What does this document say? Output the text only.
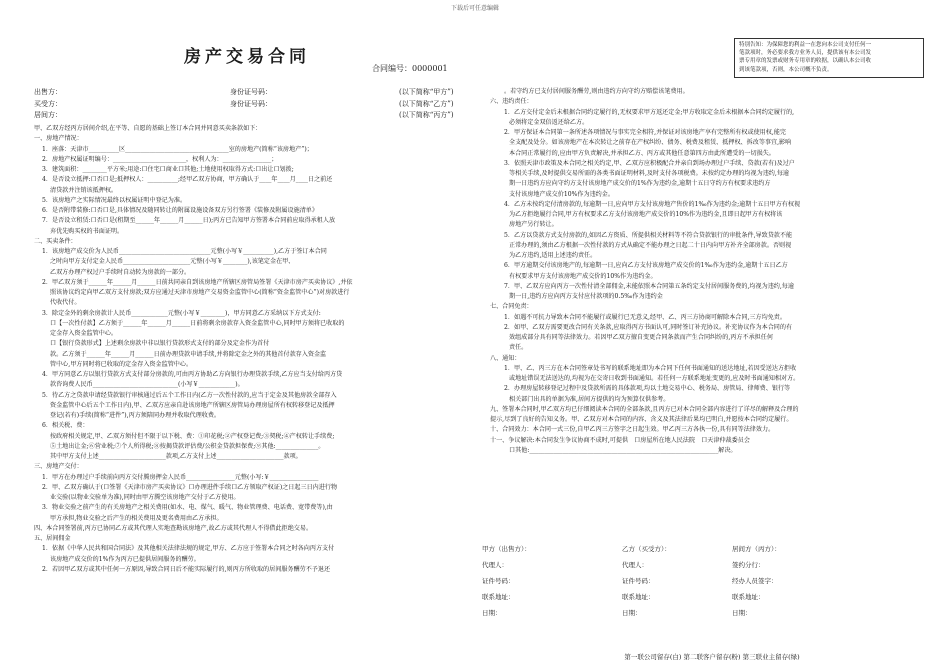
下载后可任意编辑
特别告知：为保障您的利益一在您向本公司支付任何一
笔款项时，务必要求我方业务人员，提供该有本公司发
票专用章的发票或财务专用章的收据，以确认本公司收
到该笔款项，否则，本公司概不负责。
房产交易合同
合同编号：0000001
出售方：	身份证号码：	(以下简称“甲方”)
买受方：	身份证号码：	(以下简称“乙方”)
居间方：	(以下简称“丙方”)
甲、乙双方经丙方居间介绍,在平等、自愿的基础上签订本合同并同意买卖条款如下：
一、房地产情况：
1．座落：天津市__________区__________________________________室的房地产(简称“该房地产”)；
2．房地产权属证明编号：________________________，权利人为：________________；
3．建筑面积：________平方米;用途:口住宅口商业口其他;土地使用权取得方式:口出让口划拨;
4．是否设立抵押:口否口是;抵押权人：__________;经甲乙双方协商，甲方确认于____年____月____日之前还
清贷款并注销该抵押权。
5．该房地产之实际情况最终以权属证明中登记为准。
6．是否附带装修:口否口是,具体情况及随同转让的附属设施设备双方另行签署《装修及附属设施清单》
7．是否设立租赁:口否口是(租期至______年______月______日);丙方已告知甲方签署本合同前应取得承租人放
弃优先购买权的书面证明。
二、买卖条件：
1．该房地产成交价为人民币______________________________元整(小写￥__________),乙方于签订本合同
之时向甲方支付定金人民币______________________元整(小写￥________),该笔定金在甲、
乙双方办理产权过户手续时自动转为房款的一部分。
2．甲乙双方须于______年______月______日前共同亲自到该房地产所辖区房管局签署《天津市房产买卖协议》,并依
照该协议约定向甲乙双方支付房款;双方应通过天津市房地产交易资金监管中心(简称“资金监管中心”)对房款进行
代收代付。
3．除定金外的剩余房款计人民币____________元整(小写￥________)，甲方同意乙方采纳以下方式支付:
口【一次性付款】乙方须于______年______月______日前将剩余房款存入资金监管中心,同时甲方须将已收取的
定金存入资金监管中心。
口【银行贷款形式】上述剩余房款中非以银行贷款形式支付的部分及定金作为首付
款。乙方须于______年______月______日前办理贷款申请手续,并将除定金之外的其他首付款存入资金监
管中心,甲方同时将已收取的定金存入资金监管中心。
4．甲方同意乙方以银行贷款方式支付部分房款的,可由丙方协助乙方向银行办理贷款手续,乙方应当支付给丙方贷
款咨询费人民币____________________________(小写￥____________)。
5．待乙方之贷款申请经贷款银行审核通过后五个工作日内(乙方一次性付款的,应当于定金及其他房款全部存入
资金监管中心后五个工作日内),甲、乙双方应亲自赴该房地产所辖区房管局办理房屋所有权转移登记及抵押
登记(若有)手续(简称“进件”),丙方须陪同办理并收取代理收费。
6．相关税、费：
按政府相关规定,甲、乙双方须付但不限于以下税、费：①印花税;②产权登记费;③契税;④产权转让手续费;
⑤土地出让金;⑥营业税;⑦个人所得税;⑧按揭贷款评估费/公积金贷款担保费;⑨其他:______________。
其中甲方支付上述______________________款项,乙方支付上述______________________款项。
三、房地产交付：
1．甲方在办理过户手续前向丙方交付腾房押金人民币________________元整(小写:￥________________
2．甲、乙双方确认于(口签署《天津市房产买卖协议》口办理进件手续口乙方领取产权证)之日起三日内进行物
业交验(以物业交验单为准),同时由甲方腾空该房地产交付于乙方使用。
3．物业交验之前产生的有关房地产之相关费用(如水、电、煤气、暖气、物业管理费、电话费、宽带费等),由
甲方承担,物业交验之后产生的相关费用及更名费用由乙方承担。
四、本合同签署前,丙方已协同乙方或其代理人实地查勘该房地产,故乙方或其代理人不得借此拒绝交易。
五、居间佣金
1．依据《中华人民共和国合同法》及其他相关法律法规的规定,甲方、乙方应于签署本合同之时各向丙方支付
该房地产成交价的1%作为丙方已提供居间服务的酬劳。
2．若因甲乙双方或其中任何一方原因,导致合同日后不能实际履行的,则丙方所收取的居间服务酬劳不予退还
。若守约方已支付居间服务酬劳,则由违约方向守约方赔偿该笔费用。
六、违约责任：
1．乙方交付定金后未根据合同约定履行的,无权要求甲方返还定金;甲方收取定金后未根据本合同约定履行的,
必须将定金双倍返还给乙方。
2．甲方保证本合同第一条所述各项情况与事实完全相符,并保证对该房地产享有完整所有权或使用权,能完
全支配及处分。如该房地产在本次转让之前存在产权纠纷、债务、税费及租赁、抵押权、拆改等事宜,影响
本合同正常履行的,应由甲方负责解决,并承担乙方、丙方或其他任意第四方由此所遭受的一切损失。
3．依照天津市政策及本合同之相关约定,甲、乙双方应积极配合并亲自到场办理过户手续、贷款(若有)及过户
等相关手续,及时提供交易所需的各类书面证明材料,及时支付各项税费。未按约定办理的均视为违约,每逾
期一日违约方应向守约方支付该房地产成交价的1%作为违约金,逾期十五日守约方有权要求违约方
支付该房地产成交价10%作为违约金。
4．乙方未按约定付清房款的,每逾期一日,应向甲方支付该房地产售价的1‰作为违约金;逾期十五日甲方有权视
为乙方拒绝履行合同,甲方有权要求乙方支付该房地产成交价的10%作为违约金,且即日起甲方有权将该
房地产另行转让。
5．乙方以贷款方式支付房款的,如因乙方资质、所提供相关材料等不符合贷款银行的审批条件,导致贷款不能
正常办理的,须由乙方根据一次性付款的方式从确定不能办理之日起二十日内向甲方补齐全部房款。否则视
为乙方违约,适用上述违约责任。
6．甲方逾期交付该房地产的,每逾期一日,应向乙方支付该房地产成交价的1‰作为违约金,逾期十五日乙方
有权要求甲方支付该房地产成交价的10%作为违约金。
7．甲、乙双方应向丙方一次性付清全部佣金,未能依照本合同第五条约定支付居间服务费的,均视为违约,每逾
期一日,违约方应向丙方支付应付款项的0.5‰作为违约金
七、合同免责：
1．如遇不可抗力导致本合同不能履行或履行已无意义,经甲、乙、丙三方协商可解除本合同,三方均免责。
2．如甲、乙双方需要更改合同有关条款,应取得丙方书面认可,同时签订补充协议。补充协议作为本合同的有
效组成部分具有同等法律效力。若因甲乙双方擅自变更合同条款而产生合同纠纷的,丙方不承担任何
责任。
八、通知：
1．甲、乙、丙三方在本合同签章处书写的联系地址即为本合同下任何书面通知的送达地址,若因受送达方拒收
或地址错误无法送达的,均视为在交寄日收到书面通知。若任何一方联系地址变更的,应及时书面通知相对方。
2．办理房屋转移登记过程中及贷款所需的具体款项,均以土地交易中心、税务局、房管局、律师费、银行等
相关部门出具的单据为准,居间方提供的均为预算仅供参考。
九、签署本合同时,甲乙双方均已仔细阅读本合同的全部条款,且丙方已对本合同全部内容进行了详尽的解释及合理的
提示,尽到了良好的告知义务。甲、乙双方对本合同的内容、含义及其法律后果均已明白,并愿按本合同约定履行。
十、合同效力：本合同一式三份,自甲乙丙三方签字之日起生效。甲乙丙三方各执一份,具有同等法律效力。
十一、争议解决:本合同发生争议协商不成时,可提供　口房屋所在地人民法院　口天津仲裁委员会
口其他:______________________________________________________________解决。
甲方（出售方）：	乙方（买受方）：	居间方（丙方）：
代理人：	代理人：	签约分行：
证件号码：	证件号码：	经办人员签字：
联系地址：	联系地址：	联系地址：
日期：	日期：	日期：
第一联公司留存(白) 第二联客户留存(粉) 第三联业主留存(绿)
